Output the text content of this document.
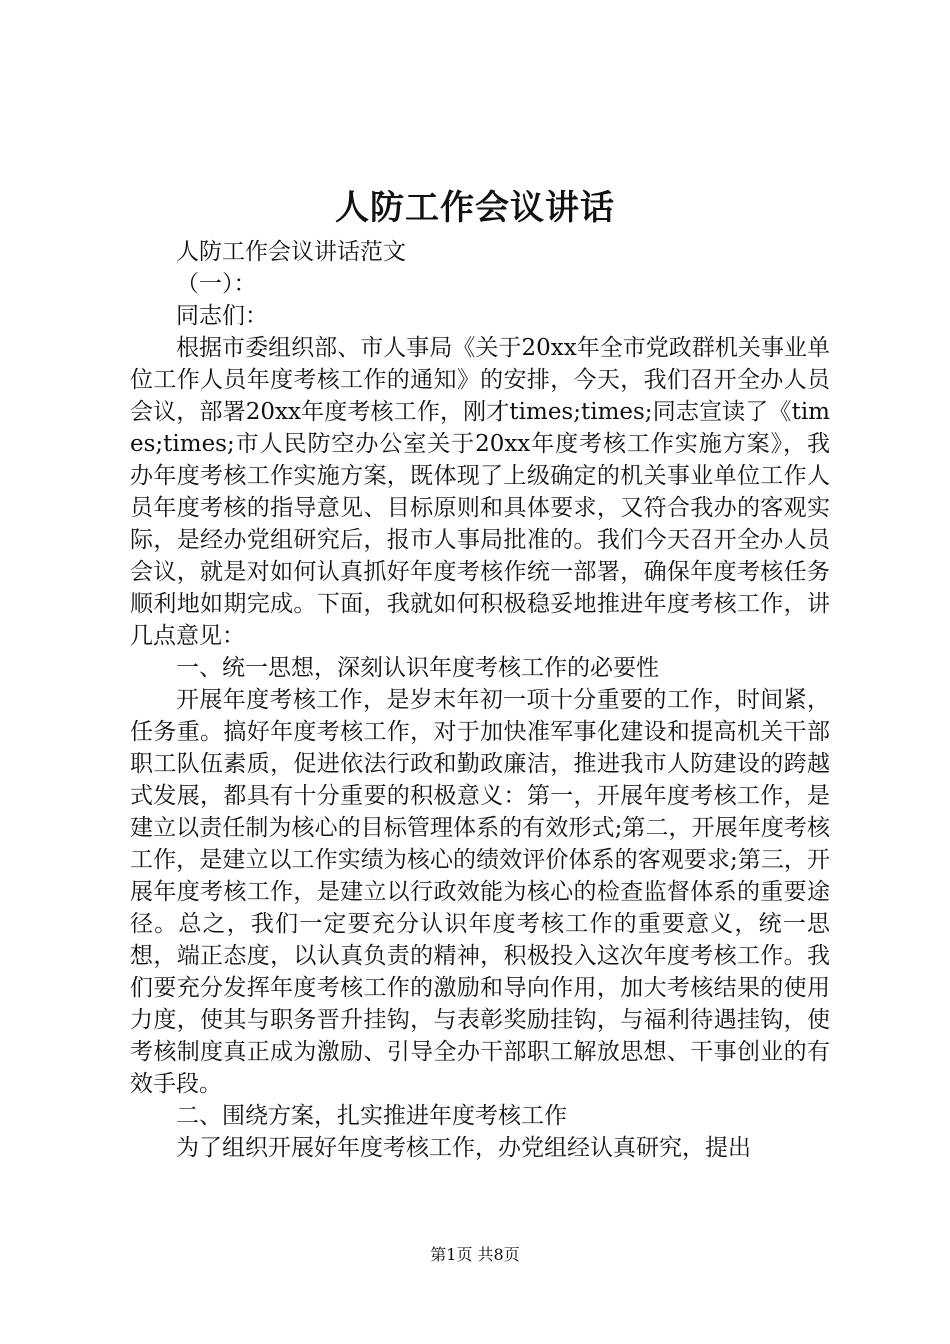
人防工作会议讲话

人防工作会议讲话范文

（一）：

同志们：

根据市委组织部、市人事局《关于20xx年全市党政群机关事业单位工作人员年度考核工作的通知》的安排，今天，我们召开全办人员会议，部署20xx年度考核工作，刚才times;times;同志宣读了《times;times;市人民防空办公室关于20xx年度考核工作实施方案》，我办年度考核工作实施方案，既体现了上级确定的机关事业单位工作人员年度考核的指导意见、目标原则和具体要求，又符合我办的客观实际，是经办党组研究后，报市人事局批准的。我们今天召开全办人员会议，就是对如何认真抓好年度考核作统一部署，确保年度考核任务顺利地如期完成。下面，我就如何积极稳妥地推进年度考核工作，讲几点意见：

一、统一思想，深刻认识年度考核工作的必要性

开展年度考核工作，是岁末年初一项十分重要的工作，时间紧，任务重。搞好年度考核工作，对于加快准军事化建设和提高机关干部职工队伍素质，促进依法行政和勤政廉洁，推进我市人防建设的跨越式发展，都具有十分重要的积极意义：第一，开展年度考核工作，是建立以责任制为核心的目标管理体系的有效形式;第二，开展年度考核工作，是建立以工作实绩为核心的绩效评价体系的客观要求;第三，开展年度考核工作，是建立以行政效能为核心的检查监督体系的重要途径。总之，我们一定要充分认识年度考核工作的重要意义，统一思想，端正态度，以认真负责的精神，积极投入这次年度考核工作。我们要充分发挥年度考核工作的激励和导向作用，加大考核结果的使用力度，使其与职务晋升挂钩，与表彰奖励挂钩，与福利待遇挂钩，使考核制度真正成为激励、引导全办干部职工解放思想、干事创业的有效手段。

二、围绕方案，扎实推进年度考核工作

为了组织开展好年度考核工作，办党组经认真研究，提出

第1页 共8页
